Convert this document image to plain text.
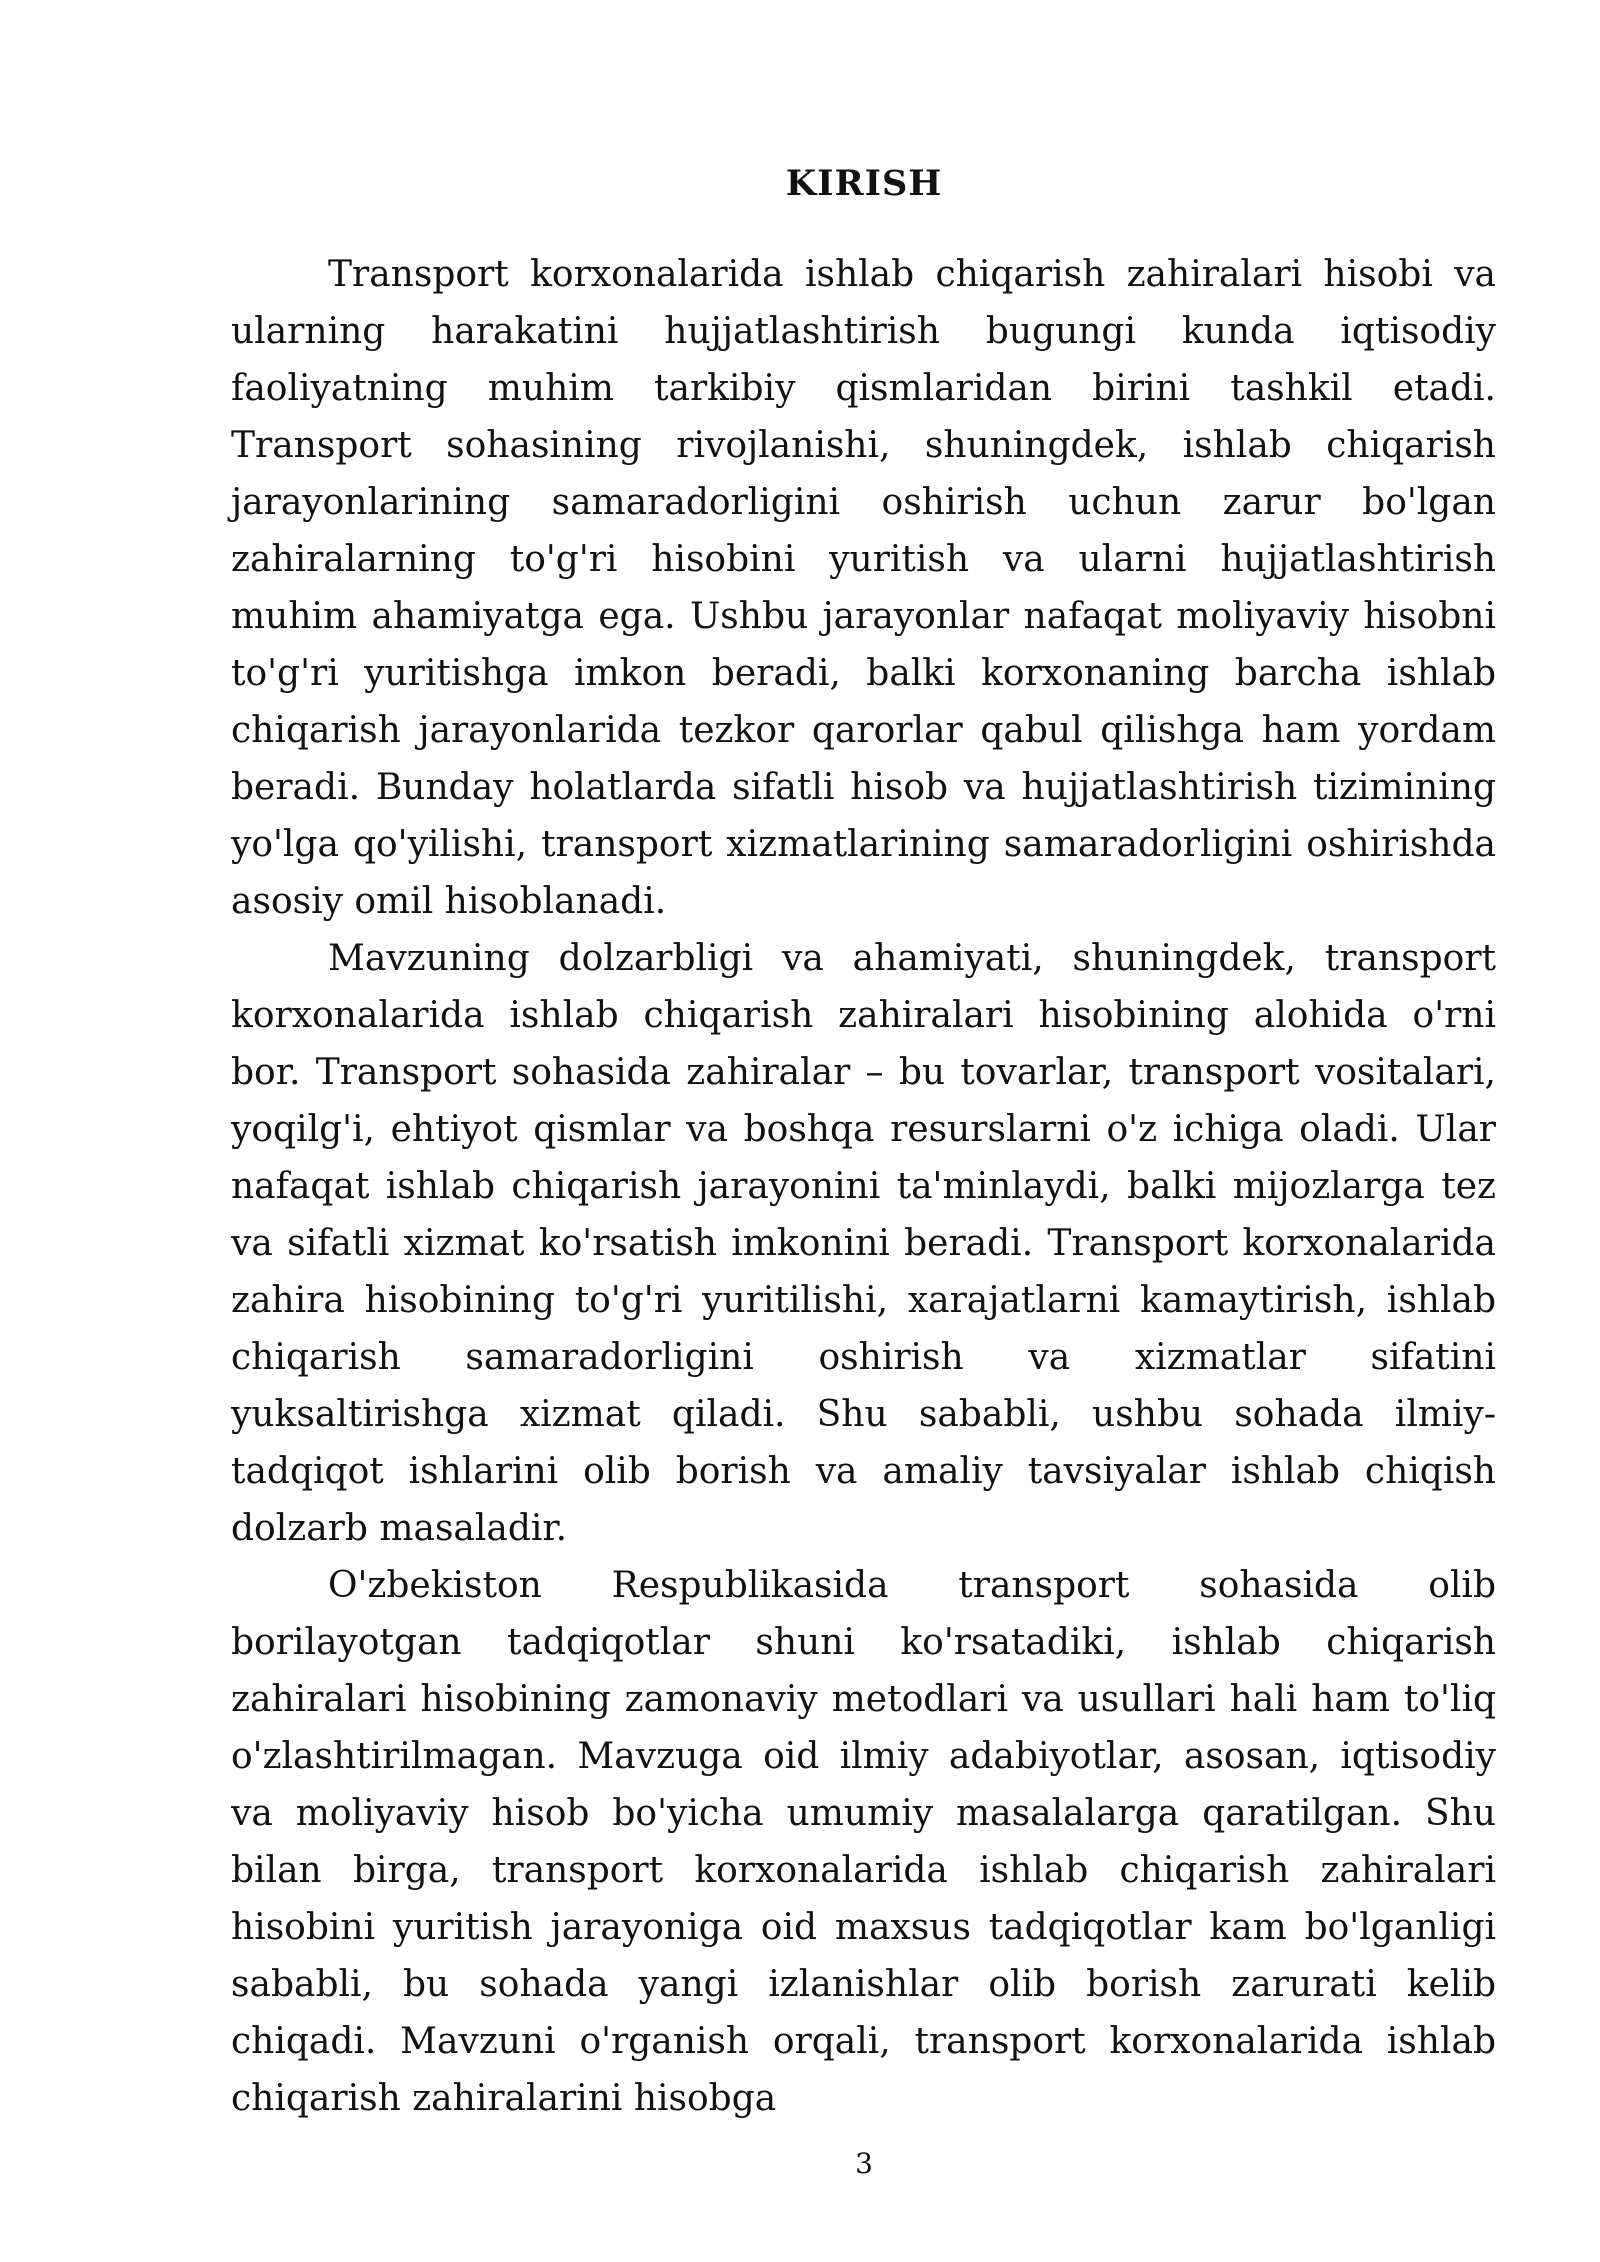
KIRISH

Transport korxonalarida ishlab chiqarish zahiralari hisobi va ularning harakatini hujjatlashtirish bugungi kunda iqtisodiy faoliyatning muhim tarkibiy qismlaridan birini tashkil etadi. Transport sohasining rivojlanishi, shuningdek, ishlab chiqarish jarayonlarining samaradorligini oshirish uchun zarur bo'lgan zahiralarning to'g'ri hisobini yuritish va ularni hujjatlashtirish muhim ahamiyatga ega. Ushbu jarayonlar nafaqat moliyaviy hisobni to'g'ri yuritishga imkon beradi, balki korxonaning barcha ishlab chiqarish jarayonlarida tezkor qarorlar qabul qilishga ham yordam beradi. Bunday holatlarda sifatli hisob va hujjatlashtirish tizimining yo'lga qo'yilishi, transport xizmatlarining samaradorligini oshirishda asosiy omil hisoblanadi.

Mavzuning dolzarbligi va ahamiyati, shuningdek, transport korxonalarida ishlab chiqarish zahiralari hisobining alohida o'rni bor. Transport sohasida zahiralar – bu tovarlar, transport vositalari, yoqilg'i, ehtiyot qismlar va boshqa resurslarni o'z ichiga oladi. Ular nafaqat ishlab chiqarish jarayonini ta'minlaydi, balki mijozlarga tez va sifatli xizmat ko'rsatish imkonini beradi. Transport korxonalarida zahira hisobining to'g'ri yuritilishi, xarajatlarni kamaytirish, ishlab chiqarish samaradorligini oshirish va xizmatlar sifatini yuksaltirishga xizmat qiladi. Shu sababli, ushbu sohada ilmiy-tadqiqot ishlarini olib borish va amaliy tavsiyalar ishlab chiqish dolzarb masaladir.

O'zbekiston Respublikasida transport sohasida olib borilayotgan tadqiqotlar shuni ko'rsatadiki, ishlab chiqarish zahiralari hisobining zamonaviy metodlari va usullari hali ham to'liq o'zlashtirilmagan. Mavzuga oid ilmiy adabiyotlar, asosan, iqtisodiy va moliyaviy hisob bo'yicha umumiy masalalarga qaratilgan. Shu bilan birga, transport korxonalarida ishlab chiqarish zahiralari hisobini yuritish jarayoniga oid maxsus tadqiqotlar kam bo'lganligi sababli, bu sohada yangi izlanishlar olib borish zarurati kelib chiqadi. Mavzuni o'rganish orqali, transport korxonalarida ishlab chiqarish zahiralarini hisobga

3
